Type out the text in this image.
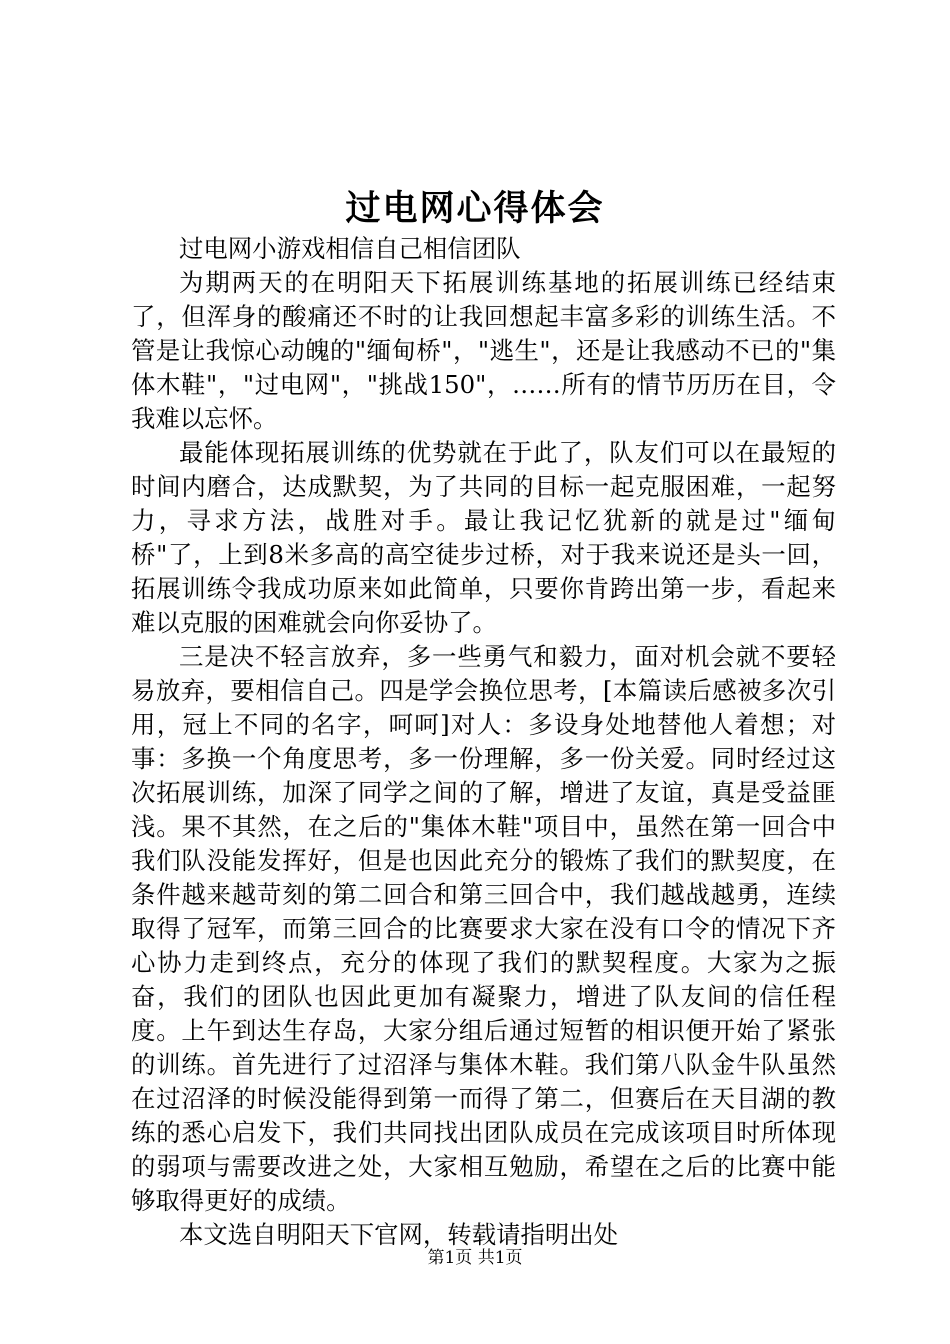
过电网心得体会

过电网小游戏相信自己相信团队

为期两天的在明阳天下拓展训练基地的拓展训练已经结束了，但浑身的酸痛还不时的让我回想起丰富多彩的训练生活。不管是让我惊心动魄的"缅甸桥"，"逃生"，还是让我感动不已的"集体木鞋"，"过电网"，"挑战150"，……所有的情节历历在目，令我难以忘怀。

最能体现拓展训练的优势就在于此了，队友们可以在最短的时间内磨合，达成默契，为了共同的目标一起克服困难，一起努力，寻求方法，战胜对手。最让我记忆犹新的就是过"缅甸桥"了，上到8米多高的高空徒步过桥，对于我来说还是头一回，拓展训练令我成功原来如此简单，只要你肯跨出第一步，看起来难以克服的困难就会向你妥协了。

三是决不轻言放弃，多一些勇气和毅力，面对机会就不要轻易放弃，要相信自己。四是学会换位思考，[本篇读后感被多次引用，冠上不同的名字，呵呵]对人：多设身处地替他人着想；对事：多换一个角度思考，多一份理解，多一份关爱。同时经过这次拓展训练，加深了同学之间的了解，增进了友谊，真是受益匪浅。果不其然，在之后的"集体木鞋"项目中，虽然在第一回合中我们队没能发挥好，但是也因此充分的锻炼了我们的默契度，在条件越来越苛刻的第二回合和第三回合中，我们越战越勇，连续取得了冠军，而第三回合的比赛要求大家在没有口令的情况下齐心协力走到终点，充分的体现了我们的默契程度。大家为之振奋，我们的团队也因此更加有凝聚力，增进了队友间的信任程度。上午到达生存岛，大家分组后通过短暂的相识便开始了紧张的训练。首先进行了过沼泽与集体木鞋。我们第八队金牛队虽然在过沼泽的时候没能得到第一而得了第二，但赛后在天目湖的教练的悉心启发下，我们共同找出团队成员在完成该项目时所体现的弱项与需要改进之处，大家相互勉励，希望在之后的比赛中能够取得更好的成绩。

本文选自明阳天下官网，转载请指明出处

第1页 共1页
